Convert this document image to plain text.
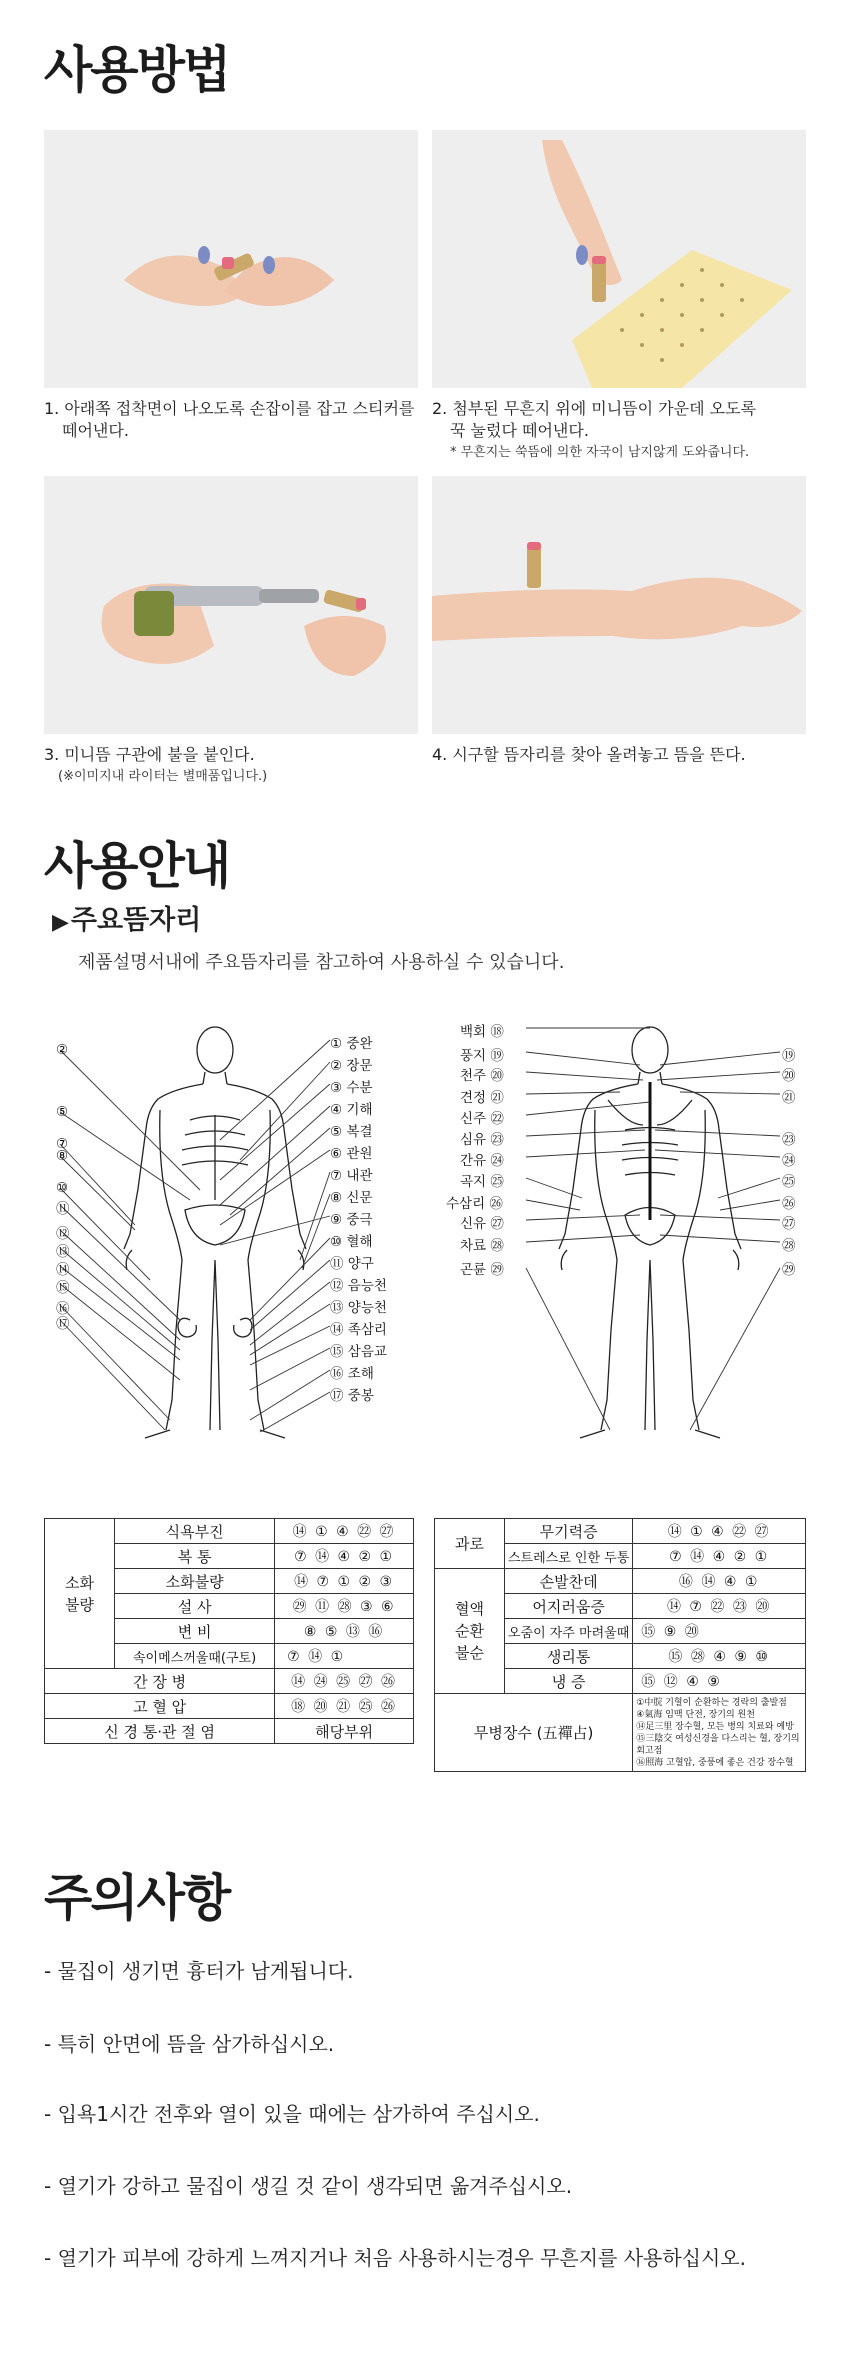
사용방법
1. 아래쪽 접착면이 나오도록 손잡이를 잡고 스티커를
떼어낸다.
2. 첨부된 무흔지 위에 미니뜸이 가운데 오도록
꾹 눌렀다 떼어낸다.
* 무흔지는 쑥뜸에 의한 자국이 남지않게 도와줍니다.
3. 미니뜸 구관에 불을 붙인다.
(※이미지내 라이터는 별매품입니다.)
4. 시구할 뜸자리를 찾아 올려놓고 뜸을 뜬다.
사용안내
▶주요뜸자리
제품설명서내에 주요뜸자리를 참고하여 사용하실 수 있습니다.
① 중완
② 장문
③ 수분
④ 기해
⑤ 복결
⑥ 관원
⑦ 내관
⑧ 신문
⑨ 중극
⑩ 혈해
⑪ 양구
⑫ 음능천
⑬ 양능천
⑭ 족삼리
⑮ 삼음교
⑯ 조해
⑰ 중봉
②
⑤
⑦
⑧
⑩
⑪
⑫
⑬
⑭
⑮
⑯
⑰
백회 ⑱
풍지 ⑲
천주 ⑳
견정 ㉑
신주 ㉒
심유 ㉓
간유 ㉔
곡지 ㉕
수삼리 ㉖
신유 ㉗
차료 ㉘
곤륜 ㉙
⑲
⑳
㉑
㉓
㉔
㉕
㉖
㉗
㉘
㉙
소화
불량	식욕부진	⑭ ① ④ ㉒ ㉗
	복 통	⑦ ⑭ ④ ② ①
	소화불량	⑭ ⑦ ① ② ③
	설 사	㉙ ⑪ ㉘ ③ ⑥
	변 비	⑧ ⑤ ⑬ ⑯
	속이메스꺼울때(구토)	⑦ ⑭ ①
간 장 병		⑭ ㉔ ㉕ ㉗ ㉖
고 혈 압		⑱ ⑳ ㉑ ㉕ ㉖
신 경 통·관 절 염		해당부위
과로	무기력증	⑭ ① ④ ㉒ ㉗
	스트레스로 인한 두통	⑦ ⑭ ④ ② ①
혈액
순환
불순	손발찬데	⑯ ⑭ ④ ①
	어지러움증	⑭ ⑦ ㉒ ㉓ ⑳
	오줌이 자주 마려울때	⑮ ⑨ ⑳
	생리통	⑮ ㉘ ④ ⑨ ⑩
	냉 증	⑮ ⑫ ④ ⑨
무병장수 (五禪占)		①中脘 기혈이 순환하는 경락의 출발점
④氣海 임맥 단전, 장기의 원천
⑭足三里 장수혈, 모든 병의 치료와 예방
⑮三陰交 여성신경을 다스리는 혈, 장기의 회고점
⑯照海 고혈압, 중풍에 좋은 건강 장수혈
주의사항
- 물집이 생기면 흉터가 남게됩니다.
- 특히 안면에 뜸을 삼가하십시오.
- 입욕1시간 전후와 열이 있을 때에는 삼가하여 주십시오.
- 열기가 강하고 물집이 생길 것 같이 생각되면 옮겨주십시오.
- 열기가 피부에 강하게 느껴지거나 처음 사용하시는경우 무흔지를 사용하십시오.
